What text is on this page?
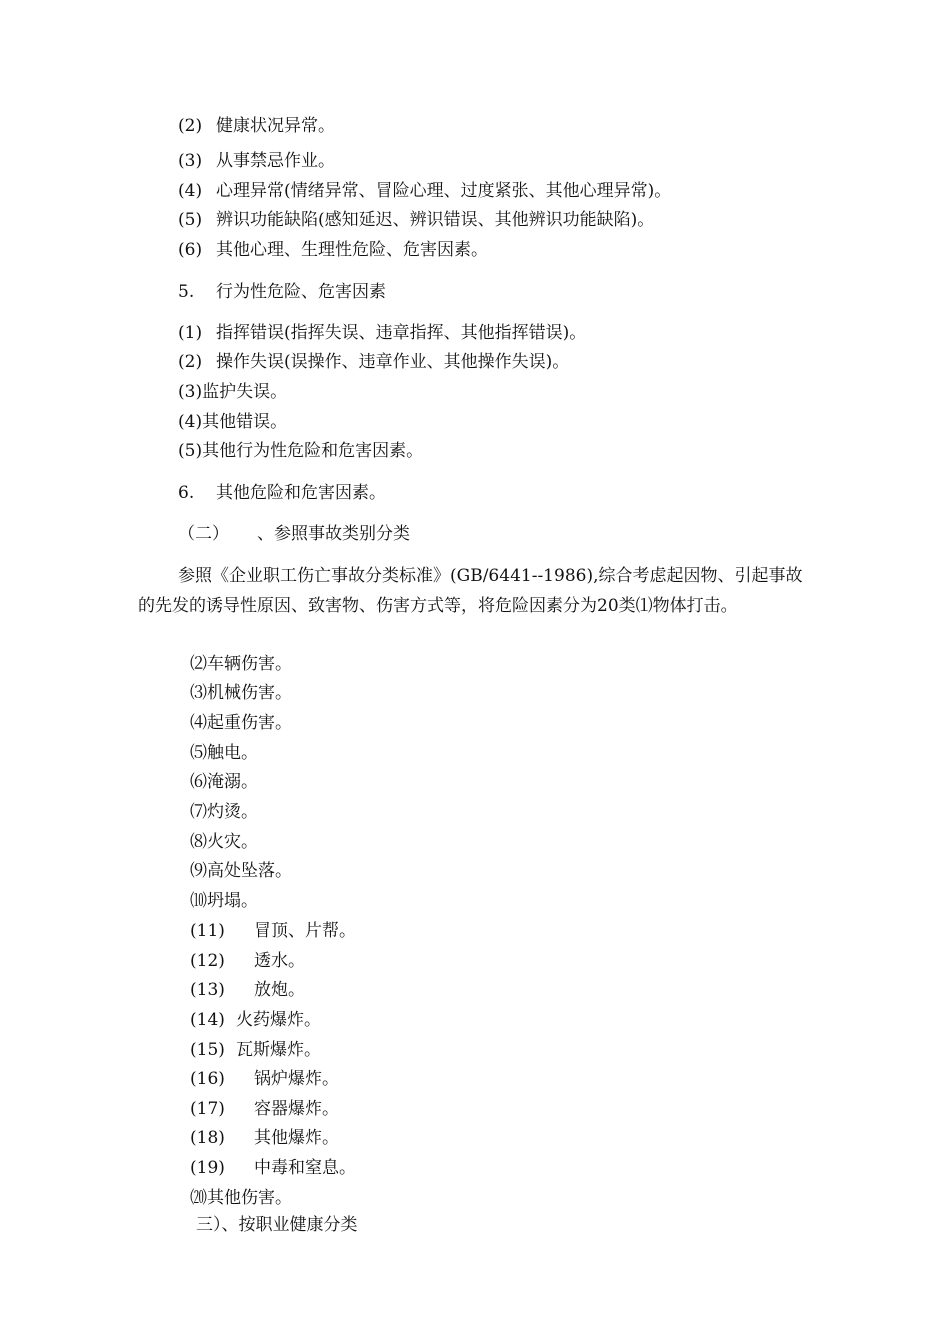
(2) 健康状况异常。
(3) 从事禁忌作业。
(4) 心理异常(情绪异常、冒险心理、过度紧张、其他心理异常)。
(5) 辨识功能缺陷(感知延迟、辨识错误、其他辨识功能缺陷)。
(6) 其他心理、生理性危险、危害因素。
5. 行为性危险、危害因素
(1) 指挥错误(指挥失误、违章指挥、其他指挥错误)。
(2) 操作失误(误操作、违章作业、其他操作失误)。
(3)监护失误。
(4)其他错误。
(5)其他行为性危险和危害因素。
6. 其他危险和危害因素。
（二） 、参照事故类别分类
参照《企业职工伤亡事故分类标准》(GB/6441--1986),综合考虑起因物、引起事故的先发的诱导性原因、致害物、伤害方式等，将危险因素分为20类⑴物体打击。
⑵车辆伤害。
⑶机械伤害。
⑷起重伤害。
⑸触电。
⑹淹溺。
⑺灼烫。
⑻火灾。
⑼高处坠落。
⑽坍塌。
(11) 冒顶、片帮。
(12) 透水。
(13) 放炮。
(14) 火药爆炸。
(15) 瓦斯爆炸。
(16) 锅炉爆炸。
(17) 容器爆炸。
(18) 其他爆炸。
(19) 中毒和窒息。
⒇其他伤害。
三）、按职业健康分类
